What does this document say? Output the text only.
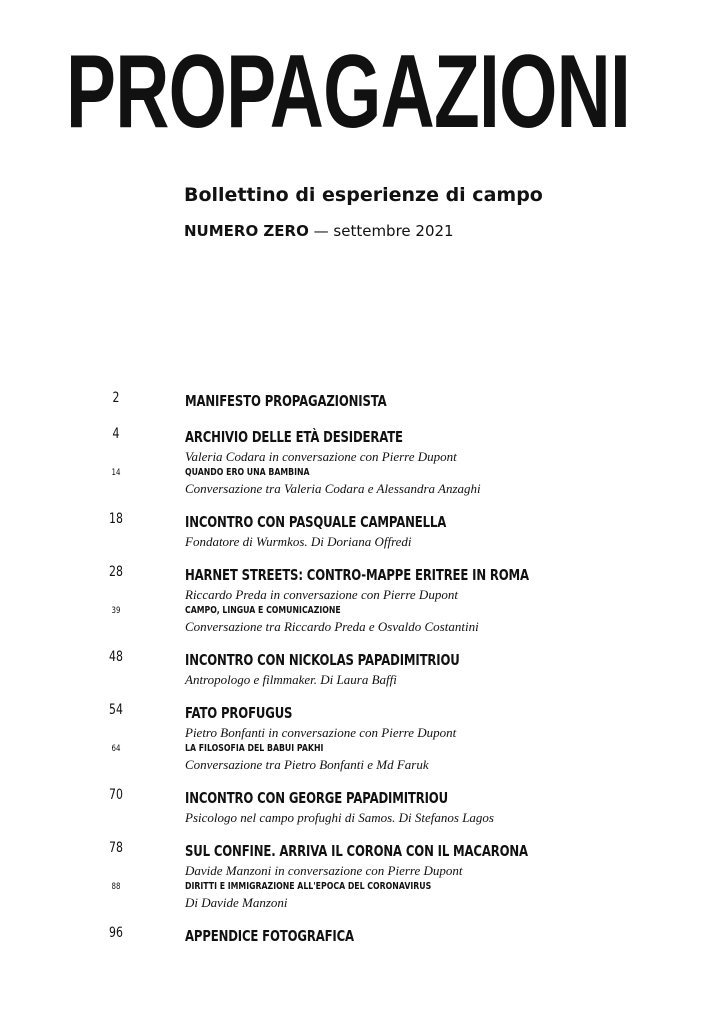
PROPAGAZIONI
Bollettino di esperienze di campo
NUMERO ZERO — settembre 2021
2	MANIFESTO PROPAGAZIONISTA
4	ARCHIVIO DELLE ETÀ DESIDERATE
Valeria Codara in conversazione con Pierre Dupont
14	QUANDO ERO UNA BAMBINA
Conversazione tra Valeria Codara e Alessandra Anzaghi
18	INCONTRO CON PASQUALE CAMPANELLA
Fondatore di Wurmkos. Di Doriana Offredi
28	HARNET STREETS: CONTRO-MAPPE ERITREE IN ROMA
Riccardo Preda in conversazione con Pierre Dupont
39	CAMPO, LINGUA E COMUNICAZIONE
Conversazione tra Riccardo Preda e Osvaldo Costantini
48	INCONTRO CON NICKOLAS PAPADIMITRIOU
Antropologo e filmmaker. Di Laura Baffi
54	FATO PROFUGUS
Pietro Bonfanti in conversazione con Pierre Dupont
64	LA FILOSOFIA DEL BABUI PAKHI
Conversazione tra Pietro Bonfanti e Md Faruk
70	INCONTRO CON GEORGE PAPADIMITRIOU
Psicologo nel campo profughi di Samos. Di Stefanos Lagos
78	SUL CONFINE. ARRIVA IL CORONA CON IL MACARONA
Davide Manzoni in conversazione con Pierre Dupont
88	DIRITTI E IMMIGRAZIONE ALL'EPOCA DEL CORONAVIRUS
Di Davide Manzoni
96	APPENDICE FOTOGRAFICA
